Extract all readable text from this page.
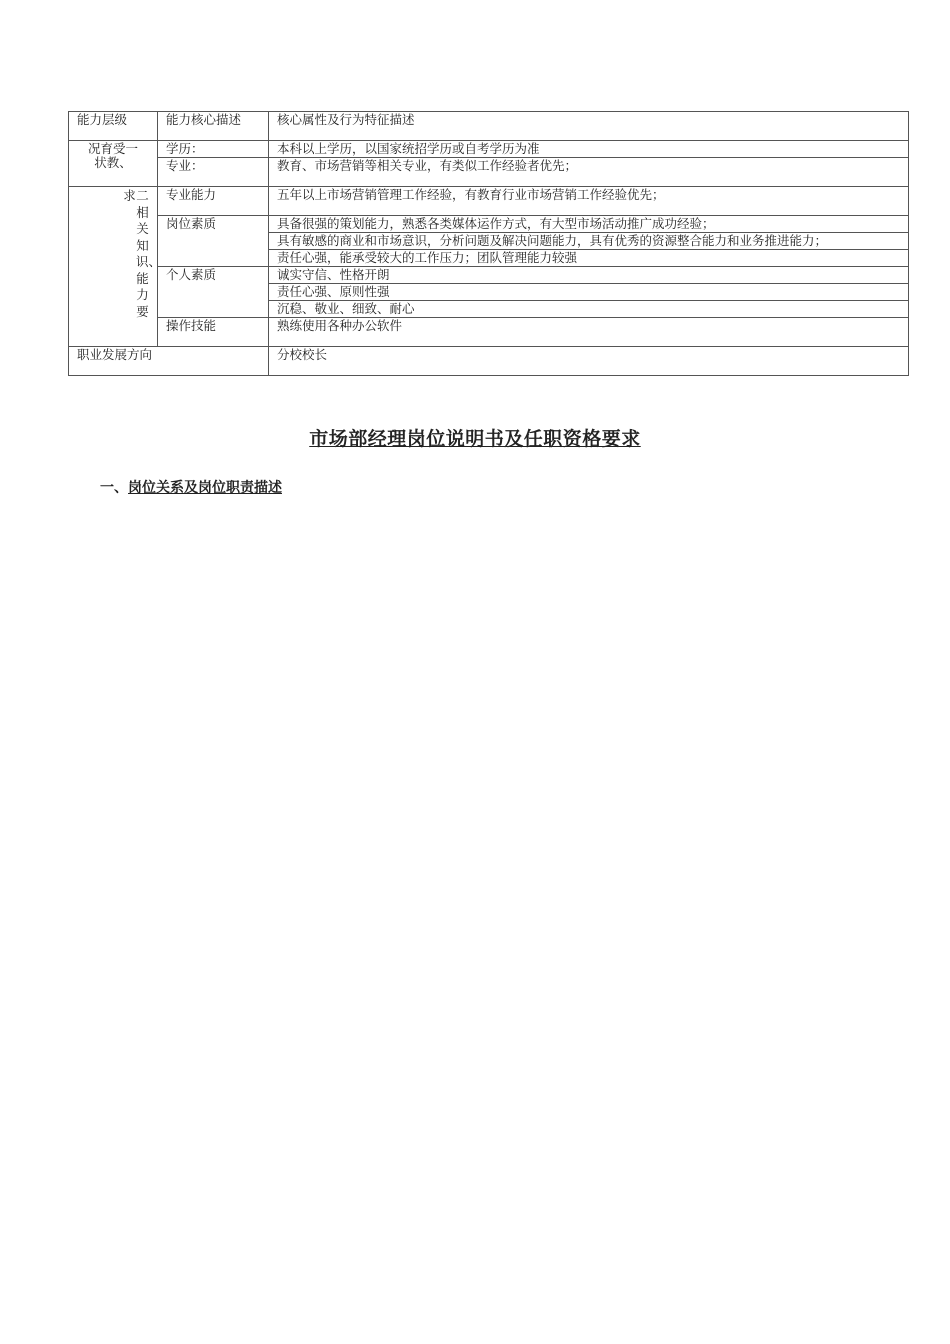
能力层级	能力核心描述	核心属性及行为特征描述

况育受一
状教、	学历：	本科以上学历，以国家统招学历或自考学历为准
	专业：	教育、市场营销等相关专业，有类似工作经验者优先；

求 二相关知识、能力要	专业能力	五年以上市场营销管理工作经验，有教育行业市场营销工作经验优先；
	岗位素质	具备很强的策划能力，熟悉各类媒体运作方式，有大型市场活动推广成功经验；
		具有敏感的商业和市场意识，分析问题及解决问题能力，具有优秀的资源整合能力和业务推进能力；
		责任心强，能承受较大的工作压力；团队管理能力较强
	个人素质	诚实守信、性格开朗
		责任心强、原则性强
		沉稳、敬业、细致、耐心
	操作技能	熟练使用各种办公软件
职业发展方向		分校校长
市场部经理岗位说明书及任职资格要求
一、岗位关系及岗位职责描述
